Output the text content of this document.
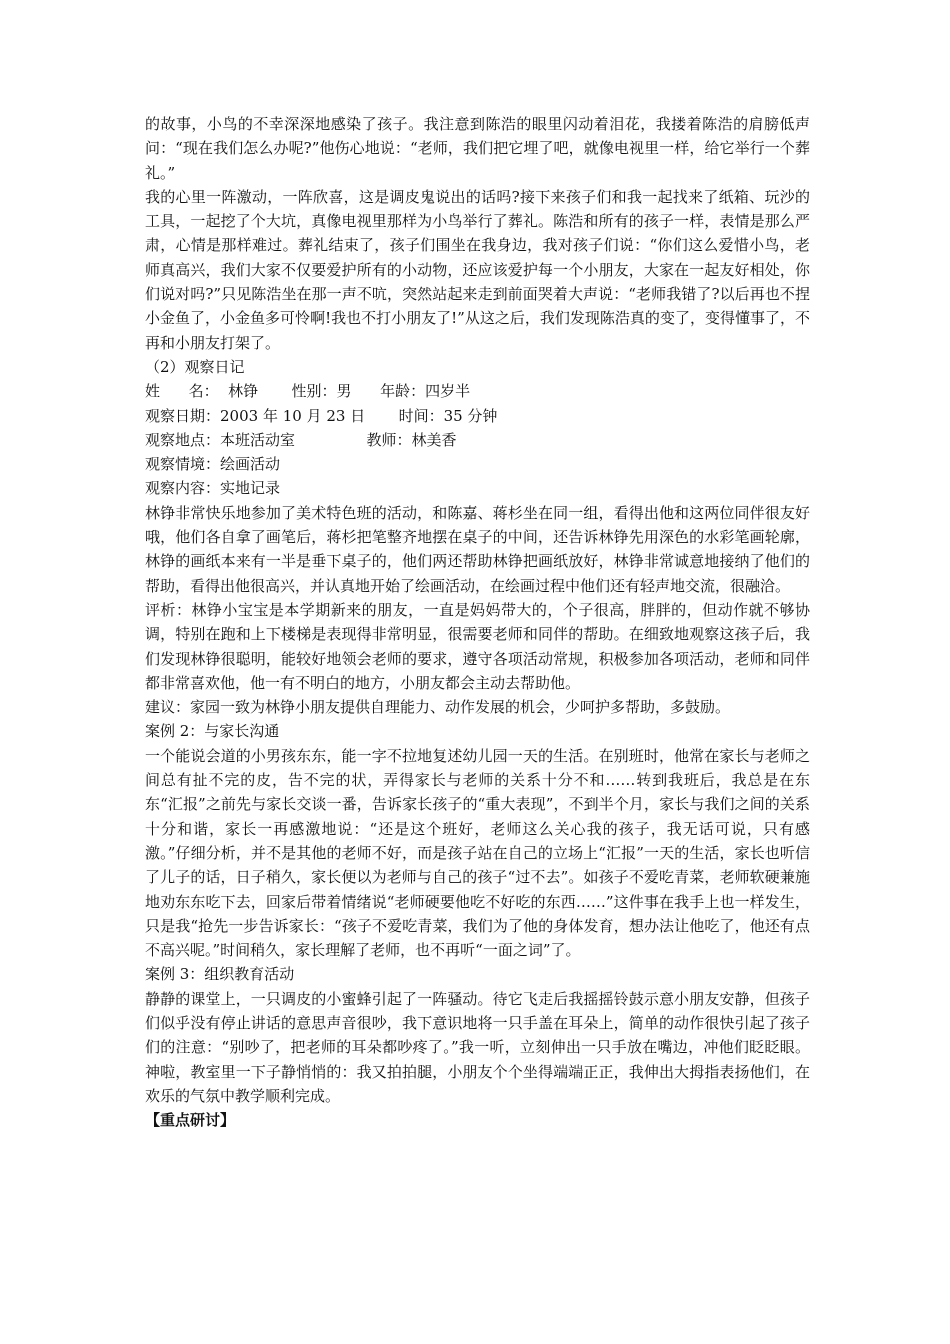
的故事，小鸟的不幸深深地感染了孩子。我注意到陈浩的眼里闪动着泪花，我搂着陈浩的肩膀低声问：“现在我们怎么办呢?”他伤心地说：“老师，我们把它埋了吧，就像电视里一样，给它举行一个葬礼。”

我的心里一阵激动，一阵欣喜，这是调皮鬼说出的话吗?接下来孩子们和我一起找来了纸箱、玩沙的工具，一起挖了个大坑，真像电视里那样为小鸟举行了葬礼。陈浩和所有的孩子一样，表情是那么严肃，心情是那样难过。葬礼结束了，孩子们围坐在我身边，我对孩子们说：“你们这么爱惜小鸟，老师真高兴，我们大家不仅要爱护所有的小动物，还应该爱护每一个小朋友，大家在一起友好相处，你们说对吗?”只见陈浩坐在那一声不吭，突然站起来走到前面哭着大声说：“老师我错了?以后再也不捏小金鱼了，小金鱼多可怜啊!我也不打小朋友了!”从这之后，我们发现陈浩真的变了，变得懂事了，不再和小朋友打架了。

（2）观察日记

姓      名：  林铮       性别：男      年龄：四岁半

观察日期：2003 年 10 月 23 日       时间：35 分钟

观察地点：本班活动室               教师：林美香

观察情境：绘画活动

观察内容：实地记录

林铮非常快乐地参加了美术特色班的活动，和陈嘉、蒋杉坐在同一组，看得出他和这两位同伴很友好哦，他们各自拿了画笔后，蒋杉把笔整齐地摆在桌子的中间，还告诉林铮先用深色的水彩笔画轮廓，林铮的画纸本来有一半是垂下桌子的，他们两还帮助林铮把画纸放好，林铮非常诚意地接纳了他们的帮助，看得出他很高兴，并认真地开始了绘画活动，在绘画过程中他们还有轻声地交流，很融洽。

评析：林铮小宝宝是本学期新来的朋友，一直是妈妈带大的，个子很高，胖胖的，但动作就不够协调，特别在跑和上下楼梯是表现得非常明显，很需要老师和同伴的帮助。在细致地观察这孩子后，我们发现林铮很聪明，能较好地领会老师的要求，遵守各项活动常规，积极参加各项活动，老师和同伴都非常喜欢他，他一有不明白的地方，小朋友都会主动去帮助他。

建议：家园一致为林铮小朋友提供自理能力、动作发展的机会，少呵护多帮助，多鼓励。

案例 2：与家长沟通

一个能说会道的小男孩东东，能一字不拉地复述幼儿园一天的生活。在别班时，他常在家长与老师之间总有扯不完的皮，告不完的状，弄得家长与老师的关系十分不和……转到我班后，我总是在东东“汇报”之前先与家长交谈一番，告诉家长孩子的“重大表现”，不到半个月，家长与我们之间的关系十分和谐，家长一再感激地说：“还是这个班好，老师这么关心我的孩子，我无话可说，只有感激。”仔细分析，并不是其他的老师不好，而是孩子站在自己的立场上“汇报”一天的生活，家长也听信了儿子的话，日子稍久，家长便以为老师与自己的孩子“过不去”。如孩子不爱吃青菜，老师软硬兼施地劝东东吃下去，回家后带着情绪说“老师硬要他吃不好吃的东西……”这件事在我手上也一样发生，只是我“抢先一步告诉家长：“孩子不爱吃青菜，我们为了他的身体发育，想办法让他吃了，他还有点不高兴呢。”时间稍久，家长理解了老师，也不再听“一面之词”了。

案例 3：组织教育活动

静静的课堂上，一只调皮的小蜜蜂引起了一阵骚动。待它飞走后我摇摇铃鼓示意小朋友安静，但孩子们似乎没有停止讲话的意思声音很吵，我下意识地将一只手盖在耳朵上，简单的动作很快引起了孩子们的注意：“别吵了，把老师的耳朵都吵疼了。”我一听，立刻伸出一只手放在嘴边，冲他们眨眨眼。神啦，教室里一下子静悄悄的：我又拍拍腿，小朋友个个坐得端端正正，我伸出大拇指表扬他们，在欢乐的气氛中教学顺利完成。

【重点研讨】
